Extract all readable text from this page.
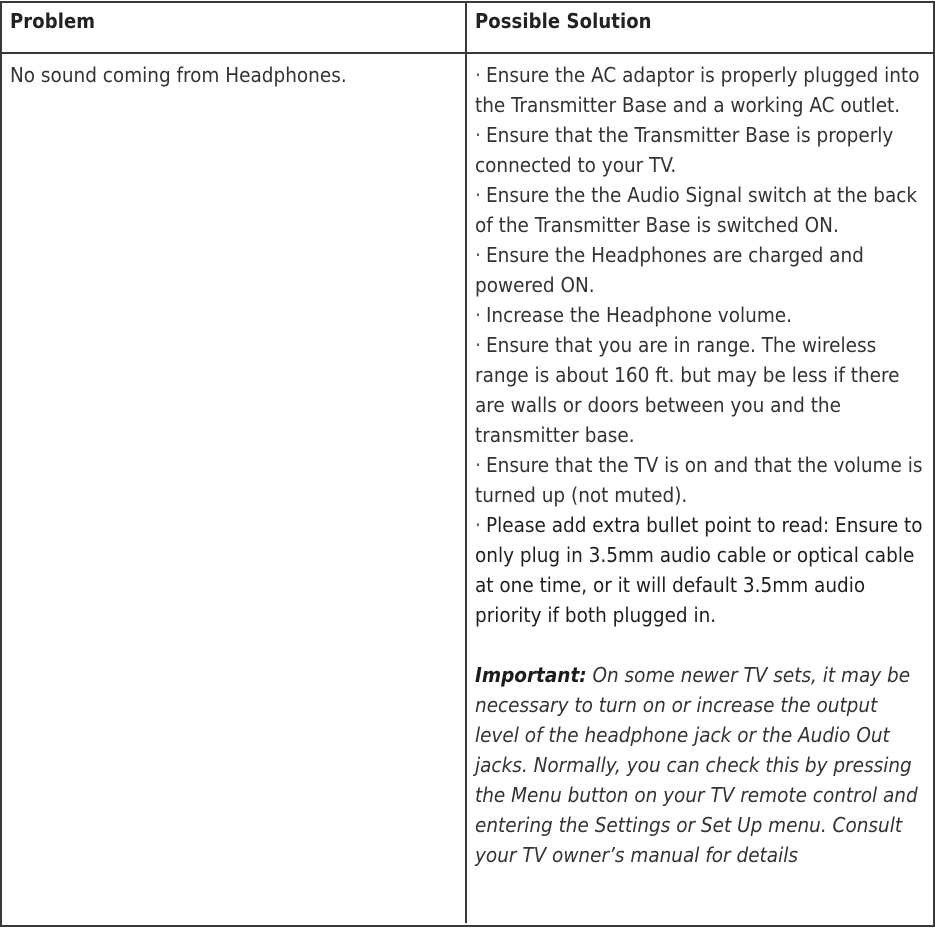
Problem	Possible Solution
No sound coming from Headphones.	· Ensure the AC adaptor is properly plugged into the Transmitter Base and a working AC outlet.
· Ensure that the Transmitter Base is properly connected to your TV.
· Ensure the the Audio Signal switch at the back of the Transmitter Base is switched ON.
· Ensure the Headphones are charged and powered ON.
· Increase the Headphone volume.
· Ensure that you are in range. The wireless range is about 160 ft. but may be less if there are walls or doors between you and the transmitter base.
· Ensure that the TV is on and that the volume is turned up (not muted).
· Please add extra bullet point to read: Ensure to only plug in 3.5mm audio cable or optical cable at one time, or it will default 3.5mm audio priority if both plugged in.
Important: On some newer TV sets, it may be necessary to turn on or increase the output level of the headphone jack or the Audio Out jacks. Normally, you can check this by pressing the Menu button on your TV remote control and entering the Settings or Set Up menu. Consult your TV owner’s manual for details
